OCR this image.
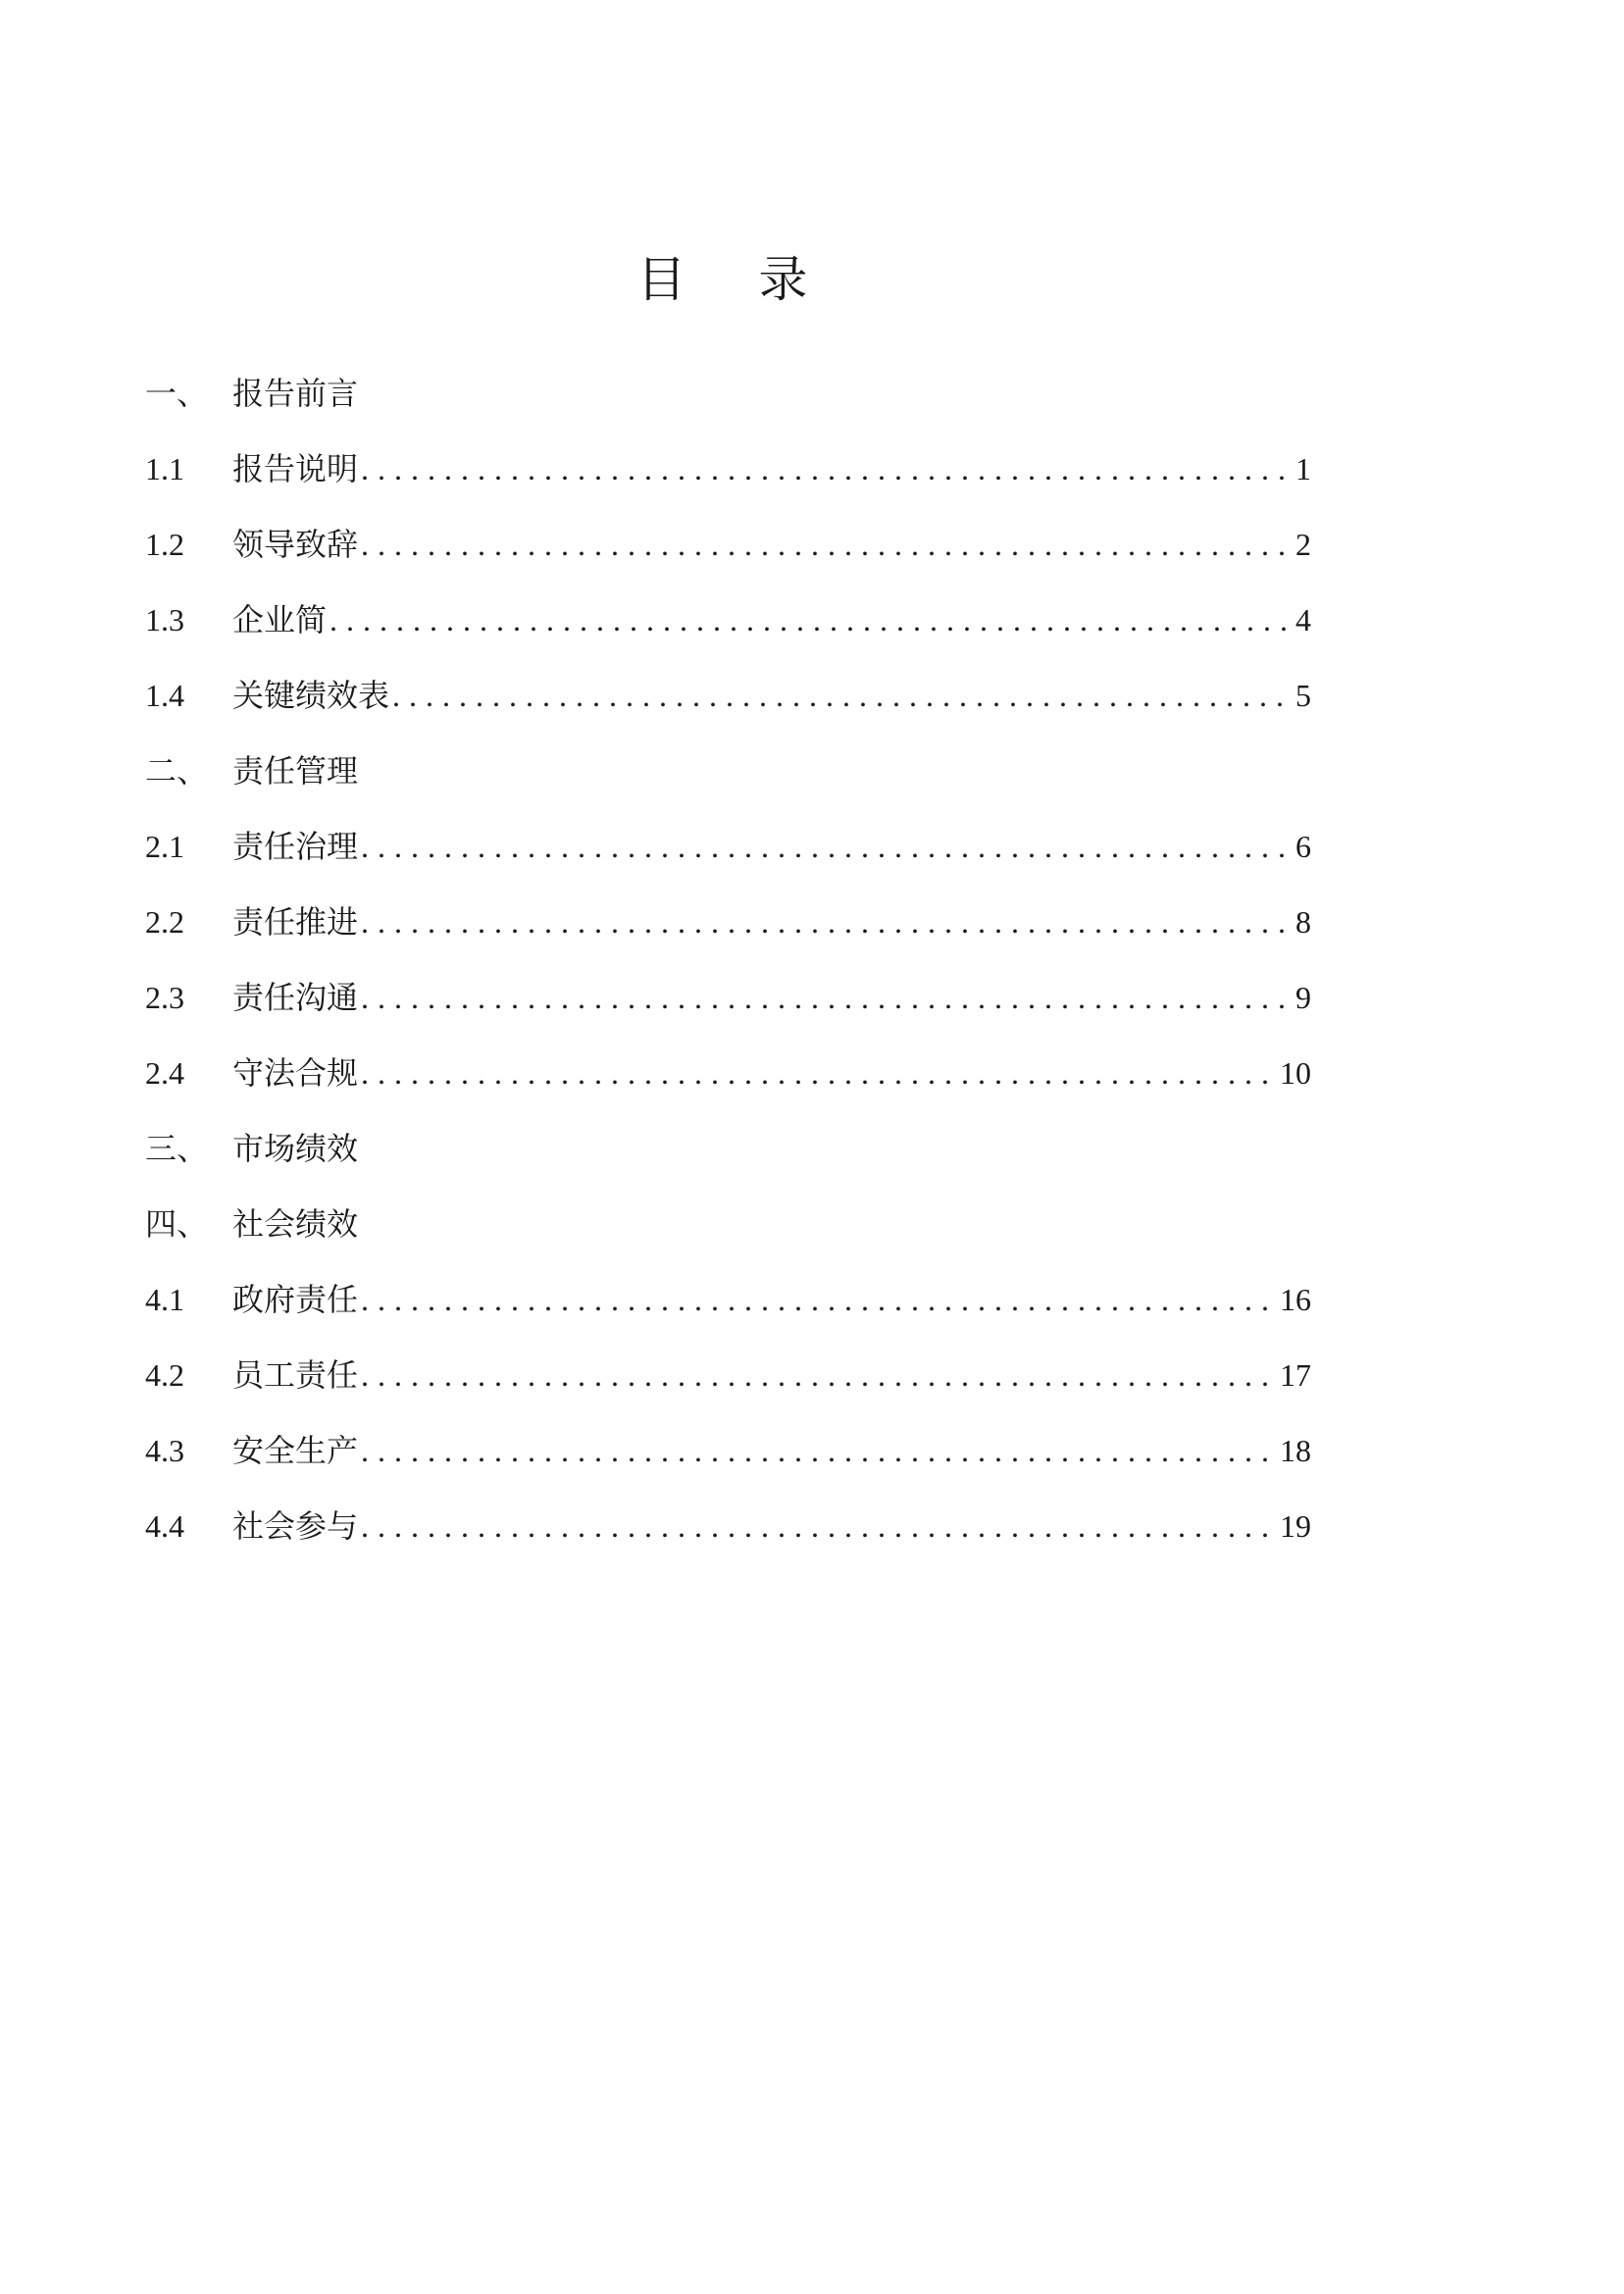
目　录
一、 报告前言
1.1	报告说明 .....	1
1.2	领导致辞 .....	2
1.3	企业简 .....	4
1.4	关键绩效表 .....	5
二、 责任管理
2.1	责任治理 .....	6
2.2	责任推进 .....	8
2.3	责任沟通 .....	9
2.4	守法合规 .....	10
三、 市场绩效
四、 社会绩效
4.1	政府责任 .....	16
4.2	员工责任 .....	17
4.3	安全生产 .....	18
4.4	社会参与 .....	19
